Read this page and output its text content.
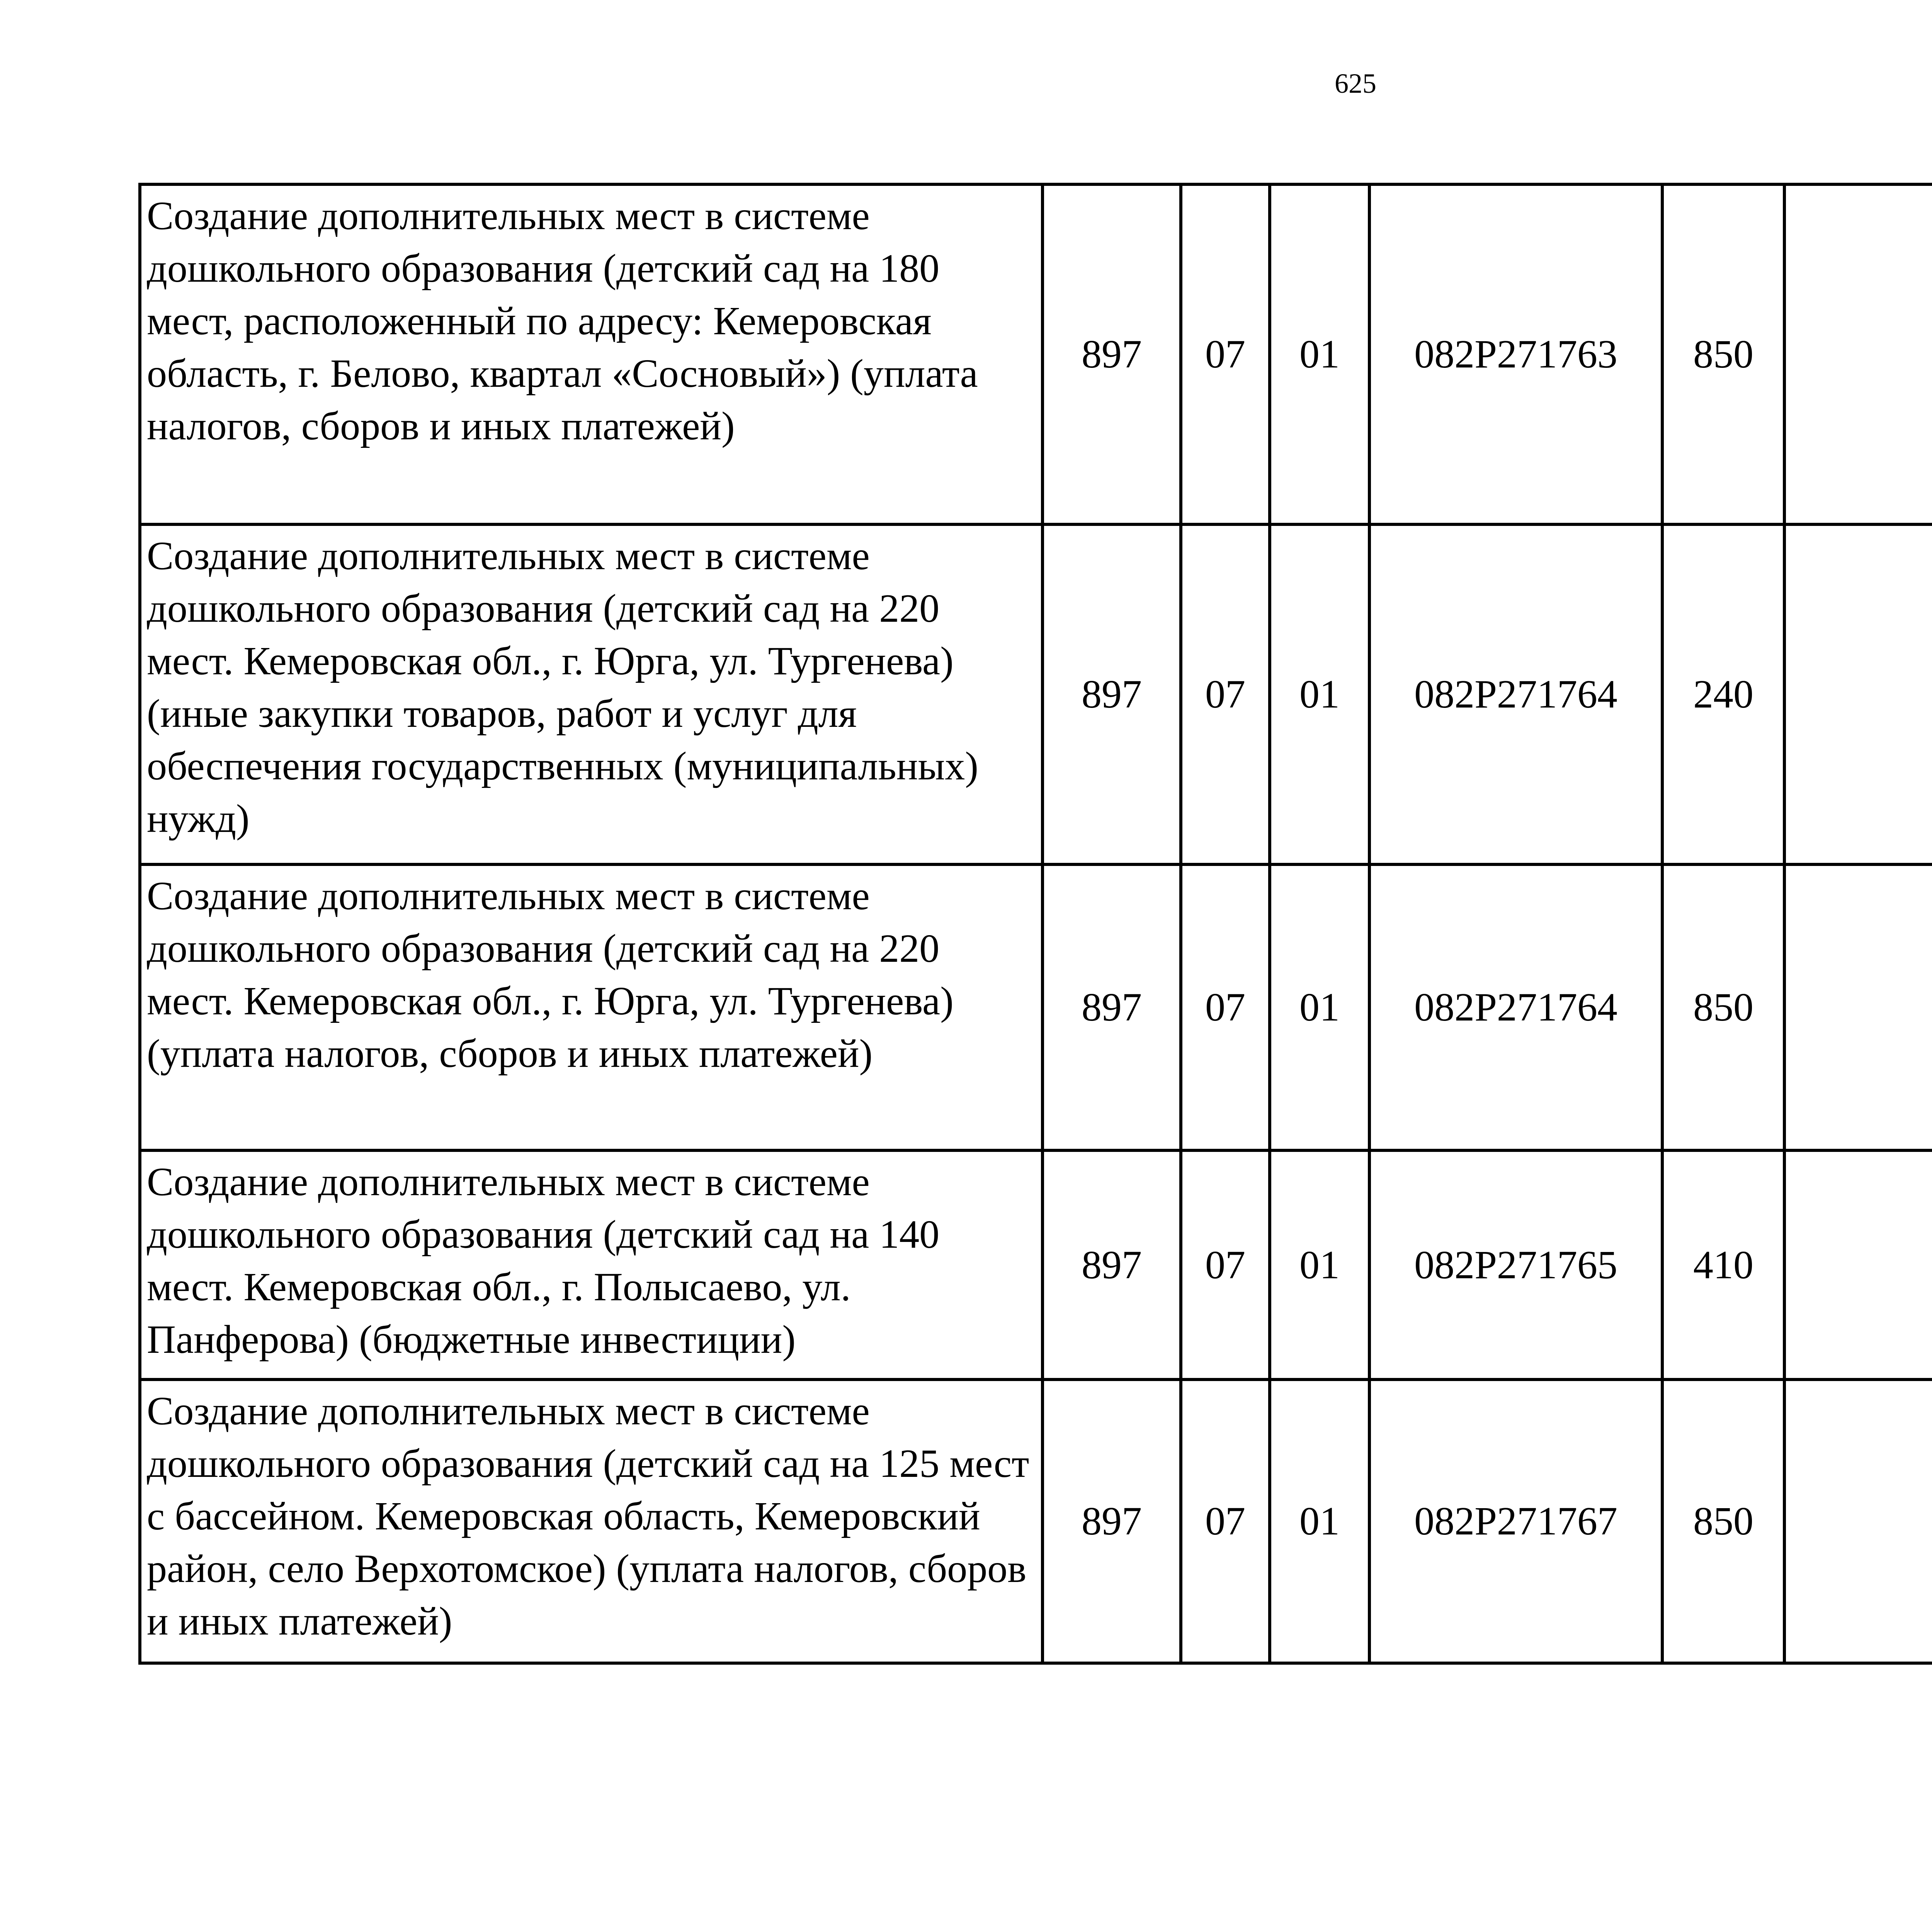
625
Создание дополнительных мест в системе дошкольного образования (детский сад на 180 мест, расположенный по адресу: Кемеровская область, г. Белово, квартал «Сосновый») (уплата налогов, сборов и иных платежей)	897	07	01	082P271763	850			
Создание дополнительных мест в системе дошкольного образования (детский сад на 220 мест. Кемеровская обл., г. Юрга, ул. Тургенева) (иные закупки товаров, работ и услуг для обеспечения государственных (муниципальных) нужд)	897	07	01	082P271764	240			
Создание дополнительных мест в системе дошкольного образования (детский сад на 220 мест. Кемеровская обл., г. Юрга, ул. Тургенева) (уплата налогов, сборов и иных платежей)	897	07	01	082P271764	850			
Создание дополнительных мест в системе дошкольного образования (детский сад на 140 мест. Кемеровская обл., г. Полысаево, ул. Панферова) (бюджетные инвестиции)	897	07	01	082P271765	410			
Создание дополнительных мест в системе дошкольного образования (детский сад на 125 мест с бассейном. Кемеровская область, Кемеровский район, село Верхотомское) (уплата налогов, сборов и иных платежей)	897	07	01	082P271767	850			
